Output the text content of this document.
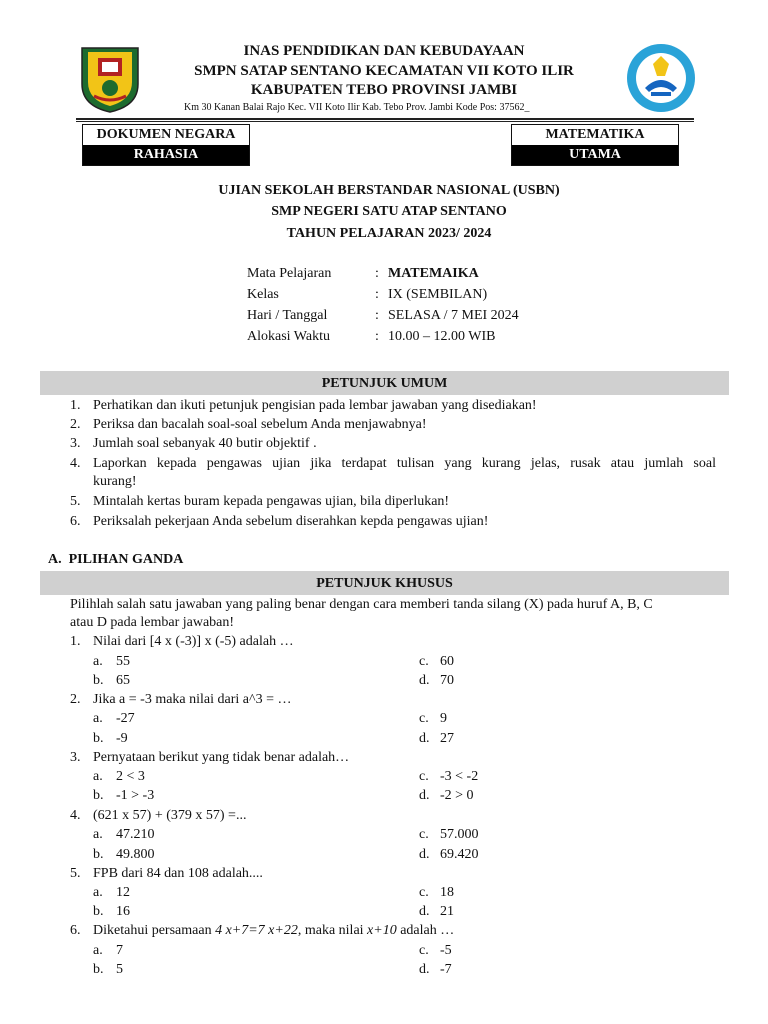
INAS PENDIDIKAN DAN KEBUDAYAAN
SMPN SATAP SENTANO KECAMATAN VII KOTO ILIR
KABUPATEN TEBO PROVINSI JAMBI
Km 30 Kanan Balai Rajo Kec. VII Koto Ilir Kab. Tebo Prov. Jambi Kode Pos: 37562_
DOKUMEN NEGARA
RAHASIA
MATEMATIKA
UTAMA
UJIAN SEKOLAH BERSTANDAR NASIONAL (USBN)
SMP NEGERI SATU ATAP SENTANO
TAHUN PELAJARAN 2023/ 2024
Mata Pelajaran	: MATEMAIKA
Kelas	: IX (SEMBILAN)
Hari / Tanggal	: SELASA / 7 MEI 2024
Alokasi Waktu	: 10.00 – 12.00 WIB
PETUNJUK UMUM
1. Perhatikan dan ikuti petunjuk pengisian pada lembar jawaban yang disediakan!
2. Periksa dan bacalah soal-soal sebelum Anda menjawabnya!
3. Jumlah soal sebanyak 40 butir objektif .
4. Laporkan kepada pengawas ujian jika terdapat tulisan yang kurang jelas, rusak atau jumlah soal
kurang!
5. Mintalah kertas buram kepada pengawas ujian, bila diperlukan!
6. Periksalah pekerjaan Anda sebelum diserahkan kepda pengawas ujian!
A.  PILIHAN GANDA
PETUNJUK KHUSUS
Pilihlah salah satu jawaban yang paling benar dengan cara memberi tanda silang (X) pada huruf A, B, C
atau D pada lembar jawaban!
1. Nilai dari [4 x (-3)] x (-5) adalah …
a. 55	c. 60
b. 65	d. 70
2. Jika a = -3 maka nilai dari a^3 = …
a. -27	c. 9
b. -9	d. 27
3. Pernyataan berikut yang tidak benar adalah…
a. 2 < 3	c. -3 < -2
b. -1 > -3	d. -2 > 0
4. (621 x 57) + (379 x 57) =...
a. 47.210	c. 57.000
b. 49.800	d. 69.420
5. FPB dari 84 dan 108 adalah....
a. 12	c. 18
b. 16	d. 21
6. Diketahui persamaan 4 x+7=7 x+22, maka nilai x+10 adalah …
a. 7	c. -5
b. 5	d. -7
